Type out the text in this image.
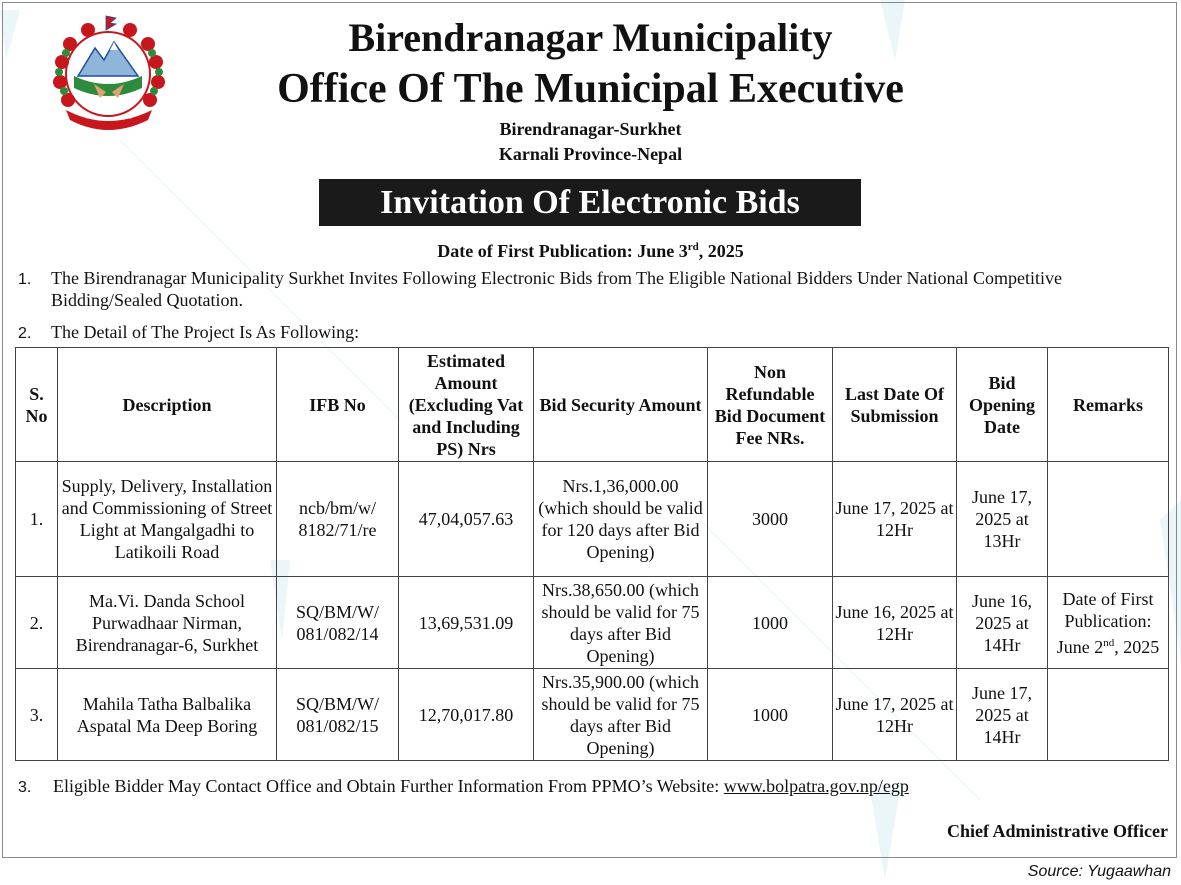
~ ~ ~ ~ ~ ~ ~
Birendranagar Municipality
Office Of The Municipal Executive
Birendranagar-Surkhet
Karnali Province-Nepal
Invitation Of Electronic Bids
Date of First Publication: June 3rd, 2025
1. The Birendranagar Municipality Surkhet Invites Following Electronic Bids from The Eligible National Bidders Under National Competitive
Bidding/Sealed Quotation.
2. The Detail of The Project Is As Following:
S. No	Description	IFB No	Estimated Amount (Excluding Vat and Including PS) Nrs	Bid Security Amount	Non Refundable Bid Document Fee NRs.	Last Date Of Submission	Bid Opening Date	Remarks
1.	Supply, Delivery, Installation and Commissioning of Street Light at Mangalgadhi to Latikoili Road	ncb/bm/w/ 8182/71/re	47,04,057.63	Nrs.1,36,000.00 (which should be valid for 120 days after Bid Opening)	3000	June 17, 2025 at 12Hr	June 17, 2025 at 13Hr	
2.	Ma.Vi. Danda School Purwadhaar Nirman, Birendranagar-6, Surkhet	SQ/BM/W/ 081/082/14	13,69,531.09	Nrs.38,650.00 (which should be valid for 75 days after Bid Opening)	1000	June 16, 2025 at 12Hr	June 16, 2025 at 14Hr	Date of First Publication: June 2nd, 2025
3.	Mahila Tatha Balbalika Aspatal Ma Deep Boring	SQ/BM/W/ 081/082/15	12,70,017.80	Nrs.35,900.00 (which should be valid for 75 days after Bid Opening)	1000	June 17, 2025 at 12Hr	June 17, 2025 at 14Hr	
3. Eligible Bidder May Contact Office and Obtain Further Information From PPMO’s Website: www.bolpatra.gov.np/egp
Chief Administrative Officer
Source: Yugaawhan
